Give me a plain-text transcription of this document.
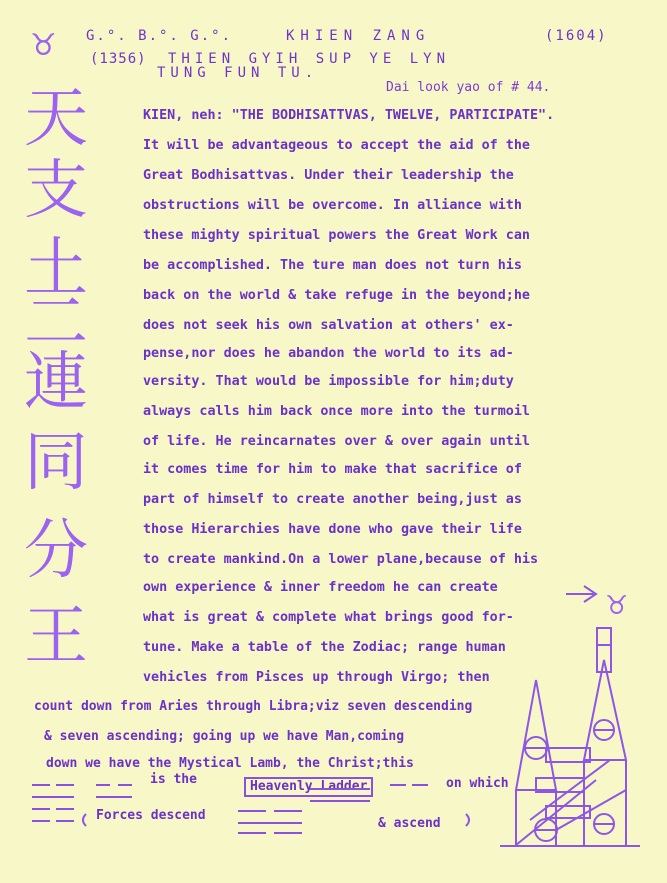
G.°. B.°. G.°.	KHIEN ZANG	(1604)
(1356) THIEN GYIH SUP YE LYN
TUNG FUN TU.
Dai look yao of # 44.
♉
天
支
土
二
連
同
分
王
KIEN, neh: "THE BODHISATTVAS, TWELVE, PARTICIPATE".
It will be advantageous to accept the aid of the
Great Bodhisattvas. Under their leadership the
obstructions will be overcome. In alliance with
these mighty spiritual powers the Great Work can
be accomplished. The ture man does not turn his
back on the world & take refuge in the beyond;he
does not seek his own salvation at others' ex-
pense,nor does he abandon the world to its ad-
versity. That would be impossible for him;duty
always calls him back once more into the turmoil
of life. He reincarnates over & over again until
it comes time for him to make that sacrifice of
part of himself to create another being,just as
those Hierarchies have done who gave their life
to create mankind.On a lower plane,because of his
own experience & inner freedom he can create
what is great & complete what brings good for-
tune. Make a table of the Zodiac; range human
vehicles from Pisces up through Virgo; then
count down from Aries through Libra;viz seven descending
& seven ascending; going up we have Man,coming
down we have the Mystical Lamb, the Christ;this
is the	Heavenly Ladder	on which
Forces descend
& ascend
♉
